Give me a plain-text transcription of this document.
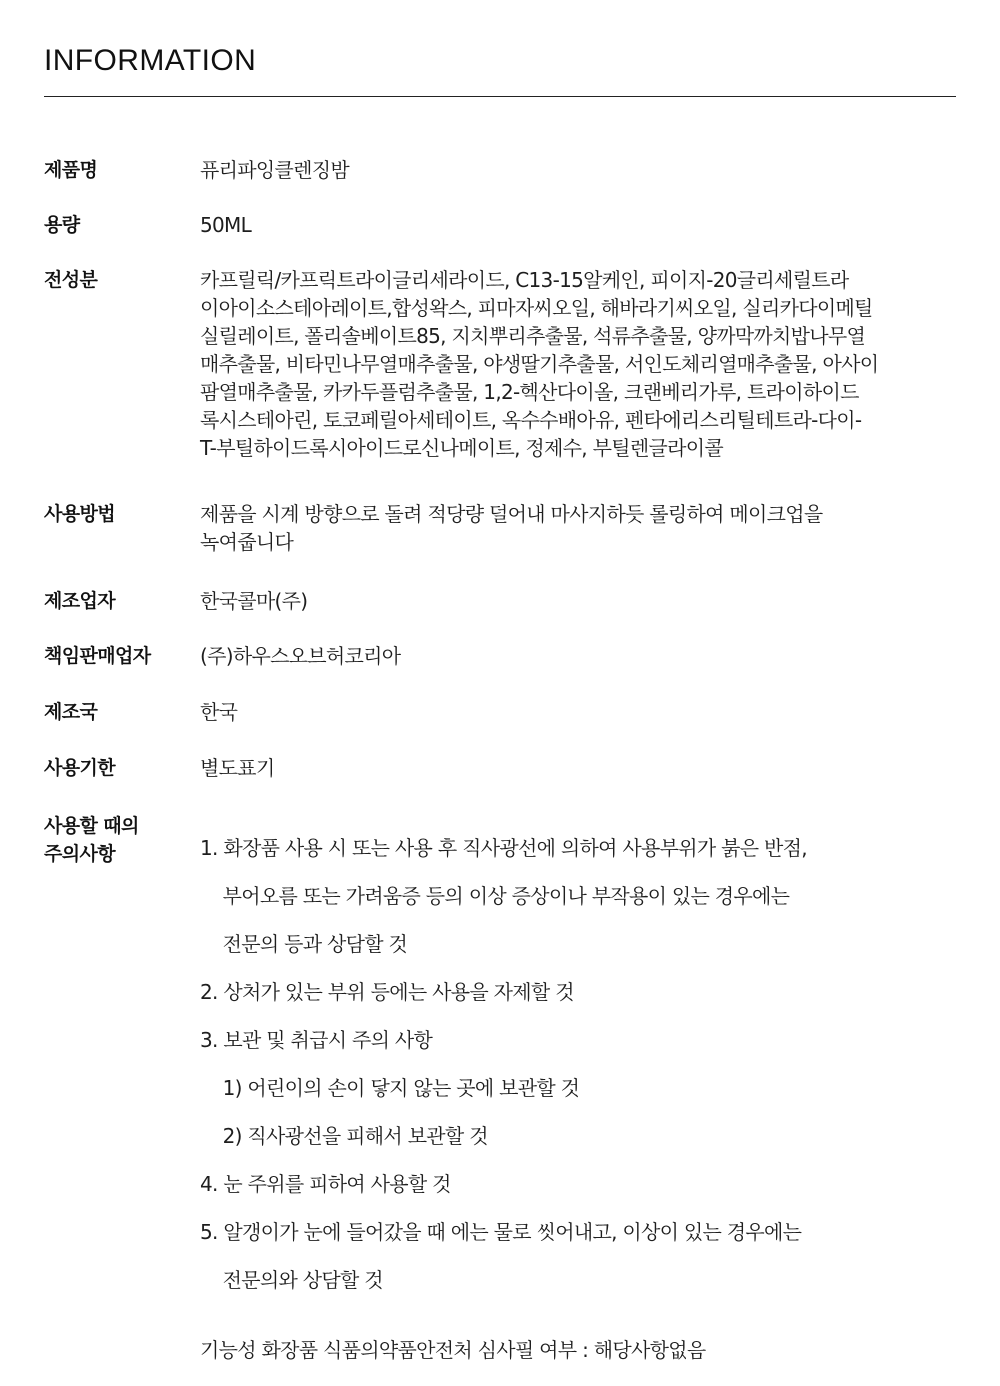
INFORMATION
제품명	퓨리파잉클렌징밤
용량	50ML
전성분	카프릴릭/카프릭트라이글리세라이드, C13-15알케인, 피이지-20글리세릴트라
이아이소스테아레이트,합성왁스, 피마자씨오일, 해바라기씨오일, 실리카다이메틸
실릴레이트, 폴리솔베이트85, 지치뿌리추출물, 석류추출물, 양까막까치밥나무열
매추출물, 비타민나무열매추출물, 야생딸기추출물, 서인도체리열매추출물, 아사이
팜열매추출물, 카카두플럼추출물, 1,2-헥산다이올, 크랜베리가루, 트라이하이드
록시스테아린, 토코페릴아세테이트, 옥수수배아유, 펜타에리스리틸테트라-다이-
T-부틸하이드록시아이드로신나메이트, 정제수, 부틸렌글라이콜
사용방법	제품을 시계 방향으로 돌려 적당량 덜어내 마사지하듯 롤링하여 메이크업을
녹여줍니다
제조업자	한국콜마(주)
책임판매업자	(주)하우스오브허코리아
제조국	한국
사용기한	별도표기
사용할 때의
주의사항	1. 화장품 사용 시 또는 사용 후 직사광선에 의하여 사용부위가 붉은 반점,

부어오름 또는 가려움증 등의 이상 증상이나 부작용이 있는 경우에는

전문의 등과 상담할 것

2. 상처가 있는 부위 등에는 사용을 자제할 것

3. 보관 및 취급시 주의 사항

1) 어린이의 손이 닿지 않는 곳에 보관할 것

2) 직사광선을 피해서 보관할 것

4. 눈 주위를 피하여 사용할 것

5. 알갱이가 눈에 들어갔을 때 에는 물로 씻어내고, 이상이 있는 경우에는

전문의와 상담할 것

기능성 화장품 식품의약품안전처 심사필 여부 : 해당사항없음
